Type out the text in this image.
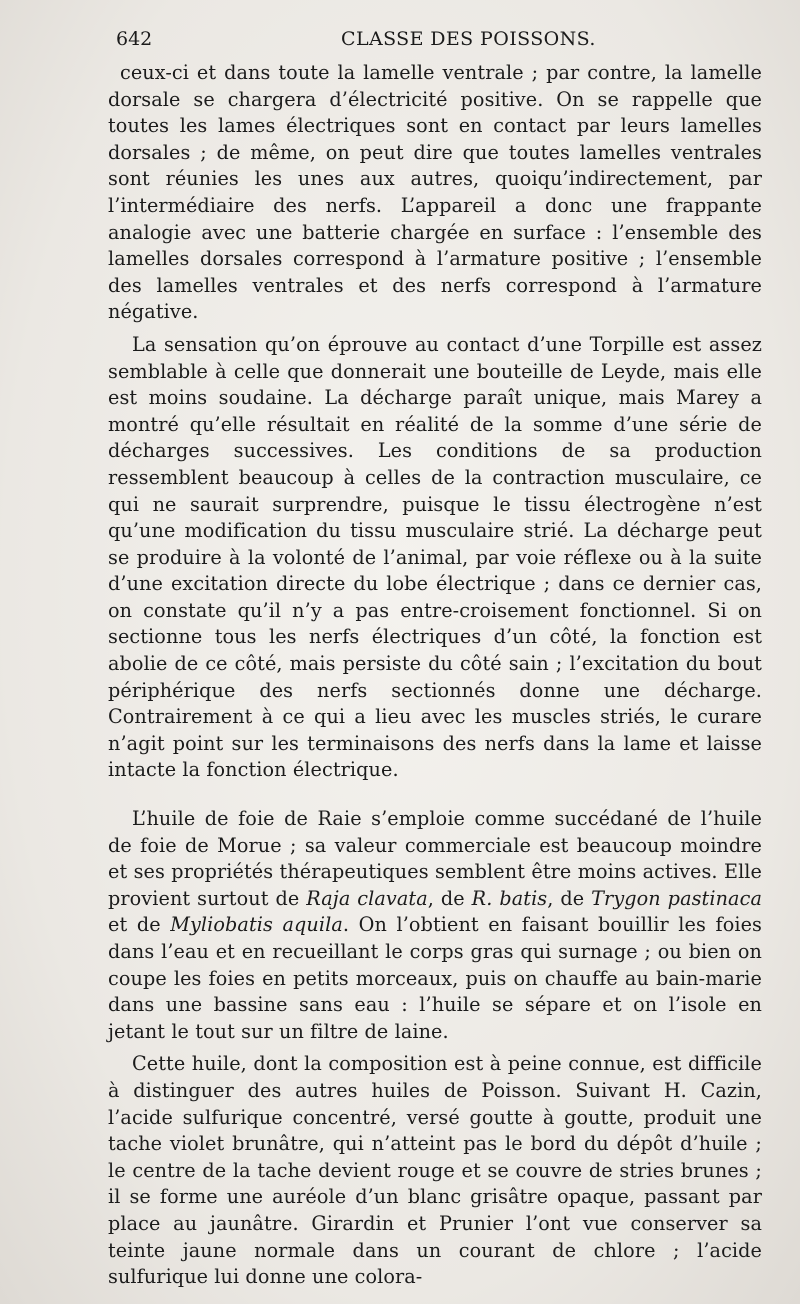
642	CLASSE DES POISSONS.

ceux-ci et dans toute la lamelle ventrale ; par contre, la lamelle dorsale se chargera d’électricité positive. On se rappelle que toutes les lames électriques sont en contact par leurs lamelles dorsales ; de même, on peut dire que toutes lamelles ventrales sont réunies les unes aux autres, quoiqu’indirectement, par l’intermédiaire des nerfs. L’appareil a donc une frappante analogie avec une batterie chargée en surface : l’ensemble des lamelles dorsales correspond à l’armature positive ; l’ensemble des lamelles ventrales et des nerfs correspond à l’armature négative.

La sensation qu’on éprouve au contact d’une Torpille est assez semblable à celle que donnerait une bouteille de Leyde, mais elle est moins soudaine. La décharge paraît unique, mais Marey a montré qu’elle résultait en réalité de la somme d’une série de décharges successives. Les conditions de sa production ressemblent beaucoup à celles de la contraction musculaire, ce qui ne saurait surprendre, puisque le tissu électrogène n’est qu’une modification du tissu musculaire strié. La décharge peut se produire à la volonté de l’animal, par voie réflexe ou à la suite d’une excitation directe du lobe électrique ; dans ce dernier cas, on constate qu’il n’y a pas entre-croisement fonctionnel. Si on sectionne tous les nerfs électriques d’un côté, la fonction est abolie de ce côté, mais persiste du côté sain ; l’excitation du bout périphérique des nerfs sectionnés donne une décharge. Contrairement à ce qui a lieu avec les muscles striés, le curare n’agit point sur les terminaisons des nerfs dans la lame et laisse intacte la fonction électrique.

L’huile de foie de Raie s’emploie comme succédané de l’huile de foie de Morue ; sa valeur commerciale est beaucoup moindre et ses propriétés thérapeutiques semblent être moins actives. Elle provient surtout de Raja clavata, de R. batis, de Trygon pastinaca et de Myliobatis aquila. On l’obtient en faisant bouillir les foies dans l’eau et en recueillant le corps gras qui surnage ; ou bien on coupe les foies en petits morceaux, puis on chauffe au bain-marie dans une bassine sans eau : l’huile se sépare et on l’isole en jetant le tout sur un filtre de laine.

Cette huile, dont la composition est à peine connue, est difficile à distinguer des autres huiles de Poisson. Suivant H. Cazin, l’acide sulfurique concentré, versé goutte à goutte, produit une tache violet brunâtre, qui n’atteint pas le bord du dépôt d’huile ; le centre de la tache devient rouge et se couvre de stries brunes ; il se forme une auréole d’un blanc grisâtre opaque, passant par place au jaunâtre. Girardin et Prunier l’ont vue conserver sa teinte jaune normale dans un courant de chlore ; l’acide sulfurique lui donne une colora-
